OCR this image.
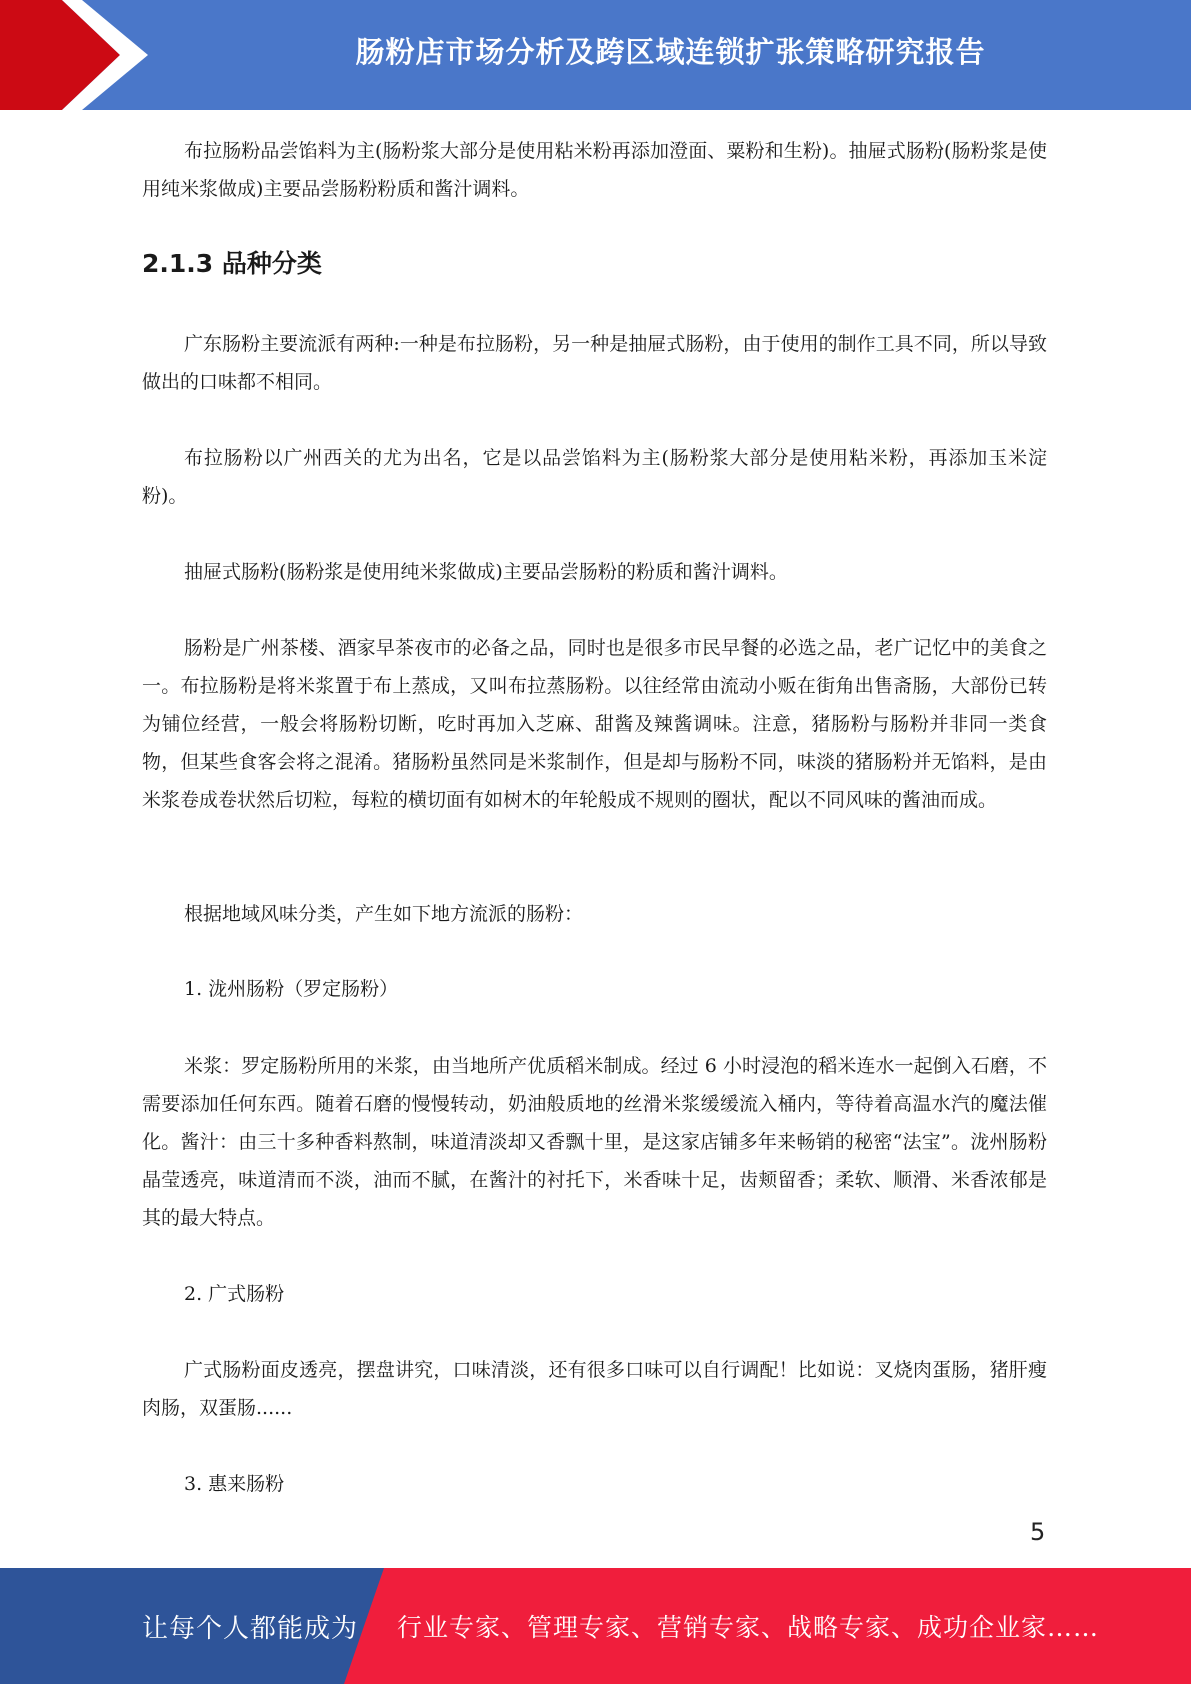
肠粉店市场分析及跨区域连锁扩张策略研究报告

布拉肠粉品尝馅料为主(肠粉浆大部分是使用粘米粉再添加澄面、粟粉和生粉)。抽屉式肠粉(肠粉浆是使用纯米浆做成)主要品尝肠粉粉质和酱汁调料。

2.1.3 品种分类

广东肠粉主要流派有两种:一种是布拉肠粉，另一种是抽屉式肠粉，由于使用的制作工具不同，所以导致做出的口味都不相同。

布拉肠粉以广州西关的尤为出名，它是以品尝馅料为主(肠粉浆大部分是使用粘米粉，再添加玉米淀粉)。

抽屉式肠粉(肠粉浆是使用纯米浆做成)主要品尝肠粉的粉质和酱汁调料。

肠粉是广州茶楼、酒家早茶夜市的必备之品，同时也是很多市民早餐的必选之品，老广记忆中的美食之一。布拉肠粉是将米浆置于布上蒸成，又叫布拉蒸肠粉。以往经常由流动小贩在街角出售斋肠，大部份已转为铺位经营，一般会将肠粉切断，吃时再加入芝麻、甜酱及辣酱调味。注意，猪肠粉与肠粉并非同一类食物，但某些食客会将之混淆。猪肠粉虽然同是米浆制作，但是却与肠粉不同，味淡的猪肠粉并无馅料，是由米浆卷成卷状然后切粒，每粒的横切面有如树木的年轮般成不规则的圈状，配以不同风味的酱油而成。

根据地域风味分类，产生如下地方流派的肠粉：

1. 泷州肠粉（罗定肠粉）

米浆：罗定肠粉所用的米浆，由当地所产优质稻米制成。经过 6 小时浸泡的稻米连水一起倒入石磨，不需要添加任何东西。随着石磨的慢慢转动，奶油般质地的丝滑米浆缓缓流入桶内，等待着高温水汽的魔法催化。酱汁：由三十多种香料熬制，味道清淡却又香飘十里，是这家店铺多年来畅销的秘密“法宝”。泷州肠粉晶莹透亮，味道清而不淡，油而不腻，在酱汁的衬托下，米香味十足，齿颊留香；柔软、顺滑、米香浓郁是其的最大特点。

2. 广式肠粉

广式肠粉面皮透亮，摆盘讲究，口味清淡，还有很多口味可以自行调配！比如说：叉烧肉蛋肠，猪肝瘦肉肠，双蛋肠......

3. 惠来肠粉

5
让每个人都能成为 行业专家、管理专家、营销专家、战略专家、成功企业家……
